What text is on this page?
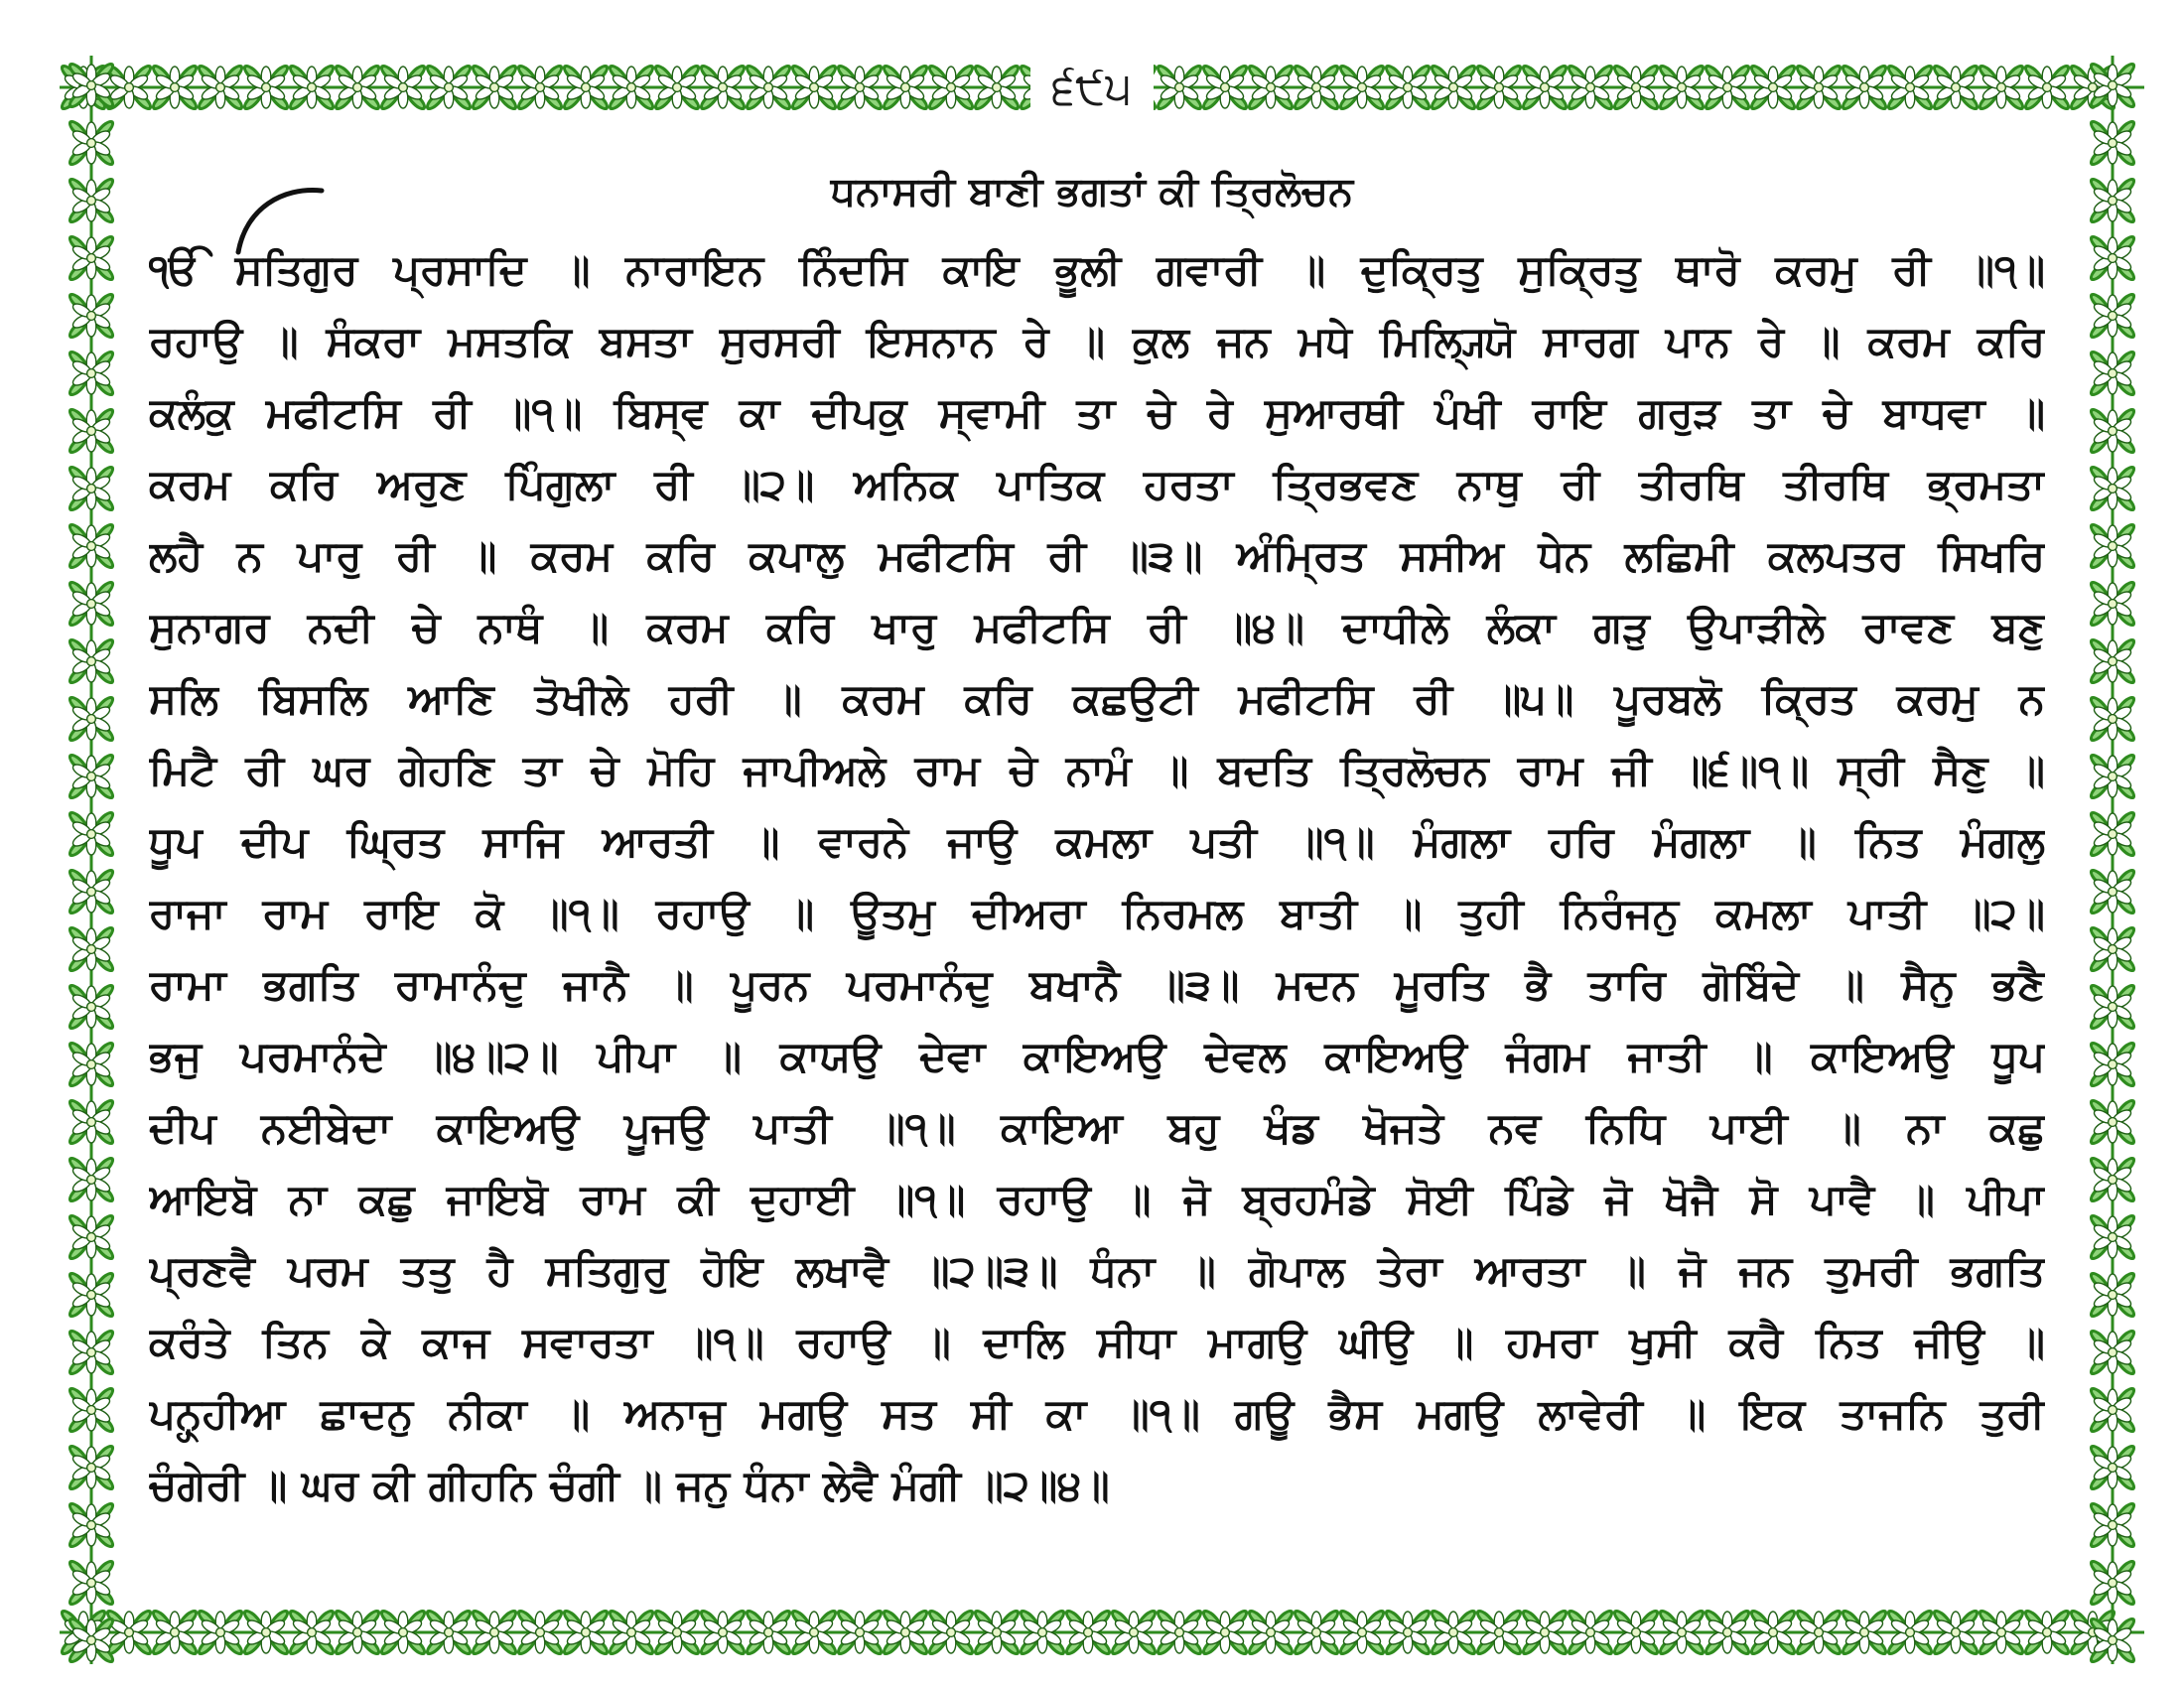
੬੯੫
ਧਨਾਸਰੀ ਬਾਣੀ ਭਗਤਾਂ ਕੀ ਤ੍ਰਿਲੋਚਨ
ੴ ਸਤਿਗੁਰ ਪ੍ਰਸਾਦਿ ॥ ਨਾਰਾਇਨ ਨਿੰਦਸਿ ਕਾਇ ਭੂਲੀ ਗਵਾਰੀ ॥ ਦੁਕ੍ਰਿਤੁ ਸੁਕ੍ਰਿਤੁ ਥਾਰੋ ਕਰਮੁ ਰੀ ॥੧॥
ਰਹਾਉ ॥ ਸੰਕਰਾ ਮਸਤਕਿ ਬਸਤਾ ਸੁਰਸਰੀ ਇਸਨਾਨ ਰੇ ॥ ਕੁਲ ਜਨ ਮਧੇ ਮਿਲ੍ਯ੍ਯਿੋ ਸਾਰਗ ਪਾਨ ਰੇ ॥ ਕਰਮ ਕਰਿ
ਕਲੰਕੁ ਮਫੀਟਸਿ ਰੀ ॥੧॥ ਬਿਸ੍ਵ ਕਾ ਦੀਪਕੁ ਸ੍ਵਾਮੀ ਤਾ ਚੇ ਰੇ ਸੁਆਰਥੀ ਪੰਖੀ ਰਾਇ ਗਰੁੜ ਤਾ ਚੇ ਬਾਧਵਾ ॥
ਕਰਮ ਕਰਿ ਅਰੁਣ ਪਿੰਗੁਲਾ ਰੀ ॥੨॥ ਅਨਿਕ ਪਾਤਿਕ ਹਰਤਾ ਤ੍ਰਿਭਵਣ ਨਾਥੁ ਰੀ ਤੀਰਥਿ ਤੀਰਥਿ ਭ੍ਰਮਤਾ
ਲਹੈ ਨ ਪਾਰੁ ਰੀ ॥ ਕਰਮ ਕਰਿ ਕਪਾਲੁ ਮਫੀਟਸਿ ਰੀ ॥੩॥ ਅੰਮ੍ਰਿਤ ਸਸੀਅ ਧੇਨ ਲਛਿਮੀ ਕਲਪਤਰ ਸਿਖਰਿ
ਸੁਨਾਗਰ ਨਦੀ ਚੇ ਨਾਥੰ ॥ ਕਰਮ ਕਰਿ ਖਾਰੁ ਮਫੀਟਸਿ ਰੀ ॥੪॥ ਦਾਧੀਲੇ ਲੰਕਾ ਗੜੁ ਉਪਾੜੀਲੇ ਰਾਵਣ ਬਣੁ
ਸਲਿ ਬਿਸਲਿ ਆਣਿ ਤੋਖੀਲੇ ਹਰੀ ॥ ਕਰਮ ਕਰਿ ਕਛਉਟੀ ਮਫੀਟਸਿ ਰੀ ॥੫॥ ਪੂਰਬਲੋ ਕ੍ਰਿਤ ਕਰਮੁ ਨ
ਮਿਟੈ ਰੀ ਘਰ ਗੇਹਣਿ ਤਾ ਚੇ ਮੋਹਿ ਜਾਪੀਅਲੇ ਰਾਮ ਚੇ ਨਾਮੰ ॥ ਬਦਤਿ ਤ੍ਰਿਲੋਚਨ ਰਾਮ ਜੀ ॥੬॥੧॥ ਸ੍ਰੀ ਸੈਣੁ ॥
ਧੂਪ ਦੀਪ ਘ੍ਰਿਤ ਸਾਜਿ ਆਰਤੀ ॥ ਵਾਰਨੇ ਜਾਉ ਕਮਲਾ ਪਤੀ ॥੧॥ ਮੰਗਲਾ ਹਰਿ ਮੰਗਲਾ ॥ ਨਿਤ ਮੰਗਲੁ
ਰਾਜਾ ਰਾਮ ਰਾਇ ਕੋ ॥੧॥ ਰਹਾਉ ॥ ਊਤਮੁ ਦੀਅਰਾ ਨਿਰਮਲ ਬਾਤੀ ॥ ਤੁਹੀ ਨਿਰੰਜਨੁ ਕਮਲਾ ਪਾਤੀ ॥੨॥
ਰਾਮਾ ਭਗਤਿ ਰਾਮਾਨੰਦੁ ਜਾਨੈ ॥ ਪੂਰਨ ਪਰਮਾਨੰਦੁ ਬਖਾਨੈ ॥੩॥ ਮਦਨ ਮੂਰਤਿ ਭੈ ਤਾਰਿ ਗੋਬਿੰਦੇ ॥ ਸੈਨੁ ਭਣੈ
ਭਜੁ ਪਰਮਾਨੰਦੇ ॥੪॥੨॥ ਪੀਪਾ ॥ ਕਾਯਉ ਦੇਵਾ ਕਾਇਅਉ ਦੇਵਲ ਕਾਇਅਉ ਜੰਗਮ ਜਾਤੀ ॥ ਕਾਇਅਉ ਧੂਪ
ਦੀਪ ਨਈਬੇਦਾ ਕਾਇਅਉ ਪੂਜਉ ਪਾਤੀ ॥੧॥ ਕਾਇਆ ਬਹੁ ਖੰਡ ਖੋਜਤੇ ਨਵ ਨਿਧਿ ਪਾਈ ॥ ਨਾ ਕਛੁ
ਆਇਬੋ ਨਾ ਕਛੁ ਜਾਇਬੋ ਰਾਮ ਕੀ ਦੁਹਾਈ ॥੧॥ ਰਹਾਉ ॥ ਜੋ ਬ੍ਰਹਮੰਡੇ ਸੋਈ ਪਿੰਡੇ ਜੋ ਖੋਜੈ ਸੋ ਪਾਵੈ ॥ ਪੀਪਾ
ਪ੍ਰਣਵੈ ਪਰਮ ਤਤੁ ਹੈ ਸਤਿਗੁਰੁ ਹੋਇ ਲਖਾਵੈ ॥੨॥੩॥ ਧੰਨਾ ॥ ਗੋਪਾਲ ਤੇਰਾ ਆਰਤਾ ॥ ਜੋ ਜਨ ਤੁਮਰੀ ਭਗਤਿ
ਕਰੰਤੇ ਤਿਨ ਕੇ ਕਾਜ ਸਵਾਰਤਾ ॥੧॥ ਰਹਾਉ ॥ ਦਾਲਿ ਸੀਧਾ ਮਾਗਉ ਘੀਉ ॥ ਹਮਰਾ ਖੁਸੀ ਕਰੈ ਨਿਤ ਜੀਉ ॥
ਪਨ੍ਹ੍ਹੀਆ ਛਾਦਨੁ ਨੀਕਾ ॥ ਅਨਾਜੁ ਮਗਉ ਸਤ ਸੀ ਕਾ ॥੧॥ ਗਊ ਭੈਸ ਮਗਉ ਲਾਵੇਰੀ ॥ ਇਕ ਤਾਜਨਿ ਤੁਰੀ
ਚੰਗੇਰੀ ॥ ਘਰ ਕੀ ਗੀਹਨਿ ਚੰਗੀ ॥ ਜਨੁ ਧੰਨਾ ਲੇਵੈ ਮੰਗੀ ॥੨॥੪॥
